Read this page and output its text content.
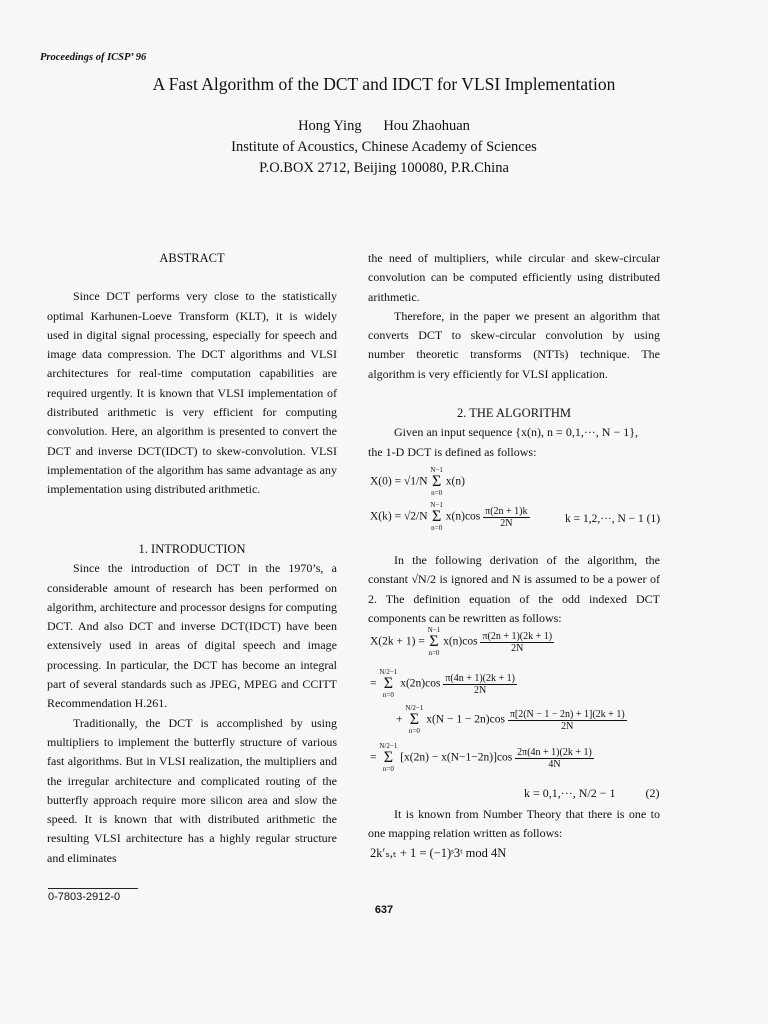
Proceedings of ICSP’ 96
A Fast Algorithm of the DCT and IDCT for VLSI Implementation
Hong Ying      Hou Zhaohuan
Institute of Acoustics, Chinese Academy of Sciences
P.O.BOX 2712, Beijing 100080, P.R.China
ABSTRACT

Since DCT performs very close to the statistically optimal Karhunen-Loeve Transform (KLT), it is widely used in digital signal processing, especially for speech and image data compression. The DCT algorithms and VLSI architectures for real-time computation capabilities are required urgently. It is known that VLSI implementation of distributed arithmetic is very efficient for computing convolution. Here, an algorithm is presented to convert the DCT and inverse DCT(IDCT) to skew-convolution. VLSI implementation of the algorithm has same advantage as any implementation using distributed arithmetic.

1. INTRODUCTION

Since the introduction of DCT in the 1970’s, a considerable amount of research has been performed on algorithm, architecture and processor designs for computing DCT. And also DCT and inverse DCT(IDCT) have been extensively used in areas of digital speech and image processing. In particular, the DCT has become an integral part of several standards such as JPEG, MPEG and CCITT Recommendation H.261.

Traditionally, the DCT is accomplished by using multipliers to implement the butterfly structure of various fast algorithms. But in VLSI realization, the multipliers and the irregular architecture and complicated routing of the butterfly approach require more silicon area and slow the speed. It is known that with distributed arithmetic the resulting VLSI architecture has a highly regular structure and eliminates

the need of multipliers, while circular and skew-circular convolution can be computed efficiently using distributed arithmetic.

Therefore, in the paper we present an algorithm that converts DCT to skew-circular convolution by using number theoretic transforms (NTTs) technique. The algorithm is very efficiently for VLSI application.

2. THE ALGORITHM

Given an input sequence {x(n), n = 0,1,···, N − 1},

the 1-D DCT is defined as follows:

X(0) = √1/N
N−1
Σ
n=0
x(n)
X(k) = √2/N
N−1
Σ
n=0
$x(n)\cos \frac{\pi(2n + 1)k}{2N}$	k = 1,2,···, N − 1 (1)

In the following derivation of the algorithm, the constant √N/2 is ignored and N is assumed to be a power of 2. The definition equation of the odd indexed DCT components can be rewritten as follows:

X(2k + 1) =
N−1
Σ
n=0
$x(n)\cos \frac{\pi(2n + 1)(2k + 1)}{2N}$
=
N/2−1
Σ
n=0
$x(2n)\cos \frac{\pi(4n + 1)(2k + 1)}{2N}$
+
N/2−1
Σ
n=0
$x(N - 1 - 2n)\cos \frac{\pi[2(N - 1 - 2n) + 1](2k + 1)}{2N}$
=
N/2−1
Σ
n=0
$[x(2n) - x(N-1-2n)]\cos \frac{2\pi(4n + 1)(2k + 1)}{4N}$
k = 0,1,···, N/2 − 1          (2)

It is known from Number Theory that there is one to one mapping relation written as follows:

2k′ₛ,ₜ + 1 = (−1)ˢ3ᵗ mod 4N
0-7803-2912-0
637
